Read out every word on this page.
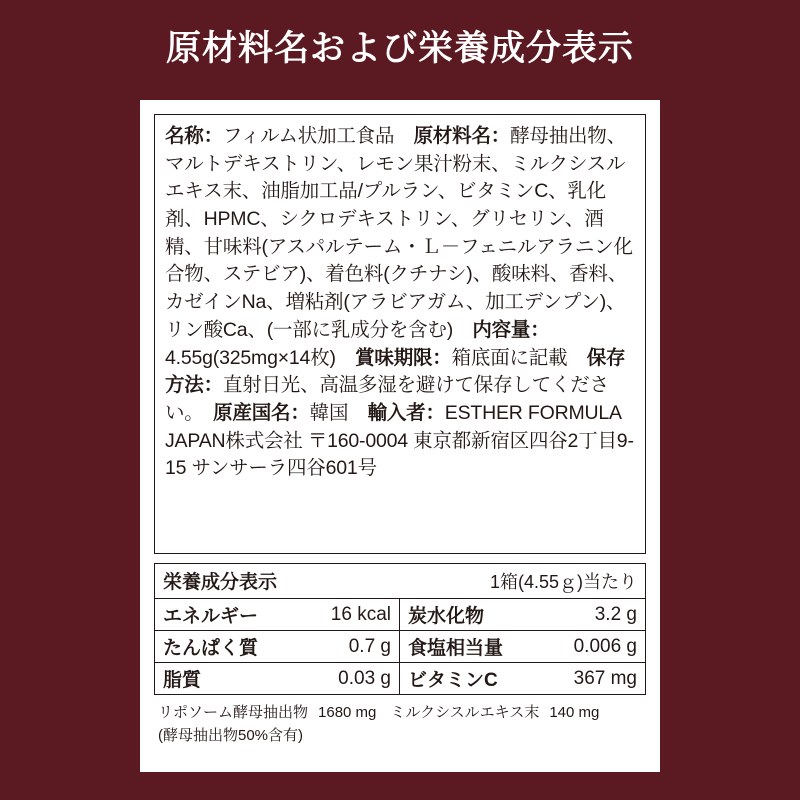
原材料名および栄養成分表示
名称：フィルム状加工食品　原材料名：酵母抽出物、マルトデキストリン、レモン果汁粉末、ミルクシスルエキス末、油脂加工品/プルラン、ビタミンC、乳化剤、HPMC、シクロデキストリン、グリセリン、酒精、甘味料(アスパルテーム・Ｌ－フェニルアラニン化合物、ステビア)、着色料(クチナシ)、酸味料、香料、カゼインNa、増粘剤(アラビアガム、加工デンプン)、リン酸Ca、(一部に乳成分を含む)　内容量：4.55g(325mg×14枚)　賞味期限：箱底面に記載　保存方法：直射日光、高温多湿を避けて保存してください。　原産国名：韓国　輸入者：ESTHER FORMULA JAPAN株式会社 〒160-0004 東京都新宿区四谷2丁目9-15 サンサーラ四谷601号
栄養成分表示	1箱(4.55ｇ)当たり
エネルギー	16 kcal 炭水化物	3.2 g
たんぱく質	0.7 g 食塩相当量	0.006 g
脂質	0.03 g ビタミンC	367 mg
リポソーム酵母抽出物 1680 mg ミルクシスルエキス末 140 mg
(酵母抽出物50%含有)
